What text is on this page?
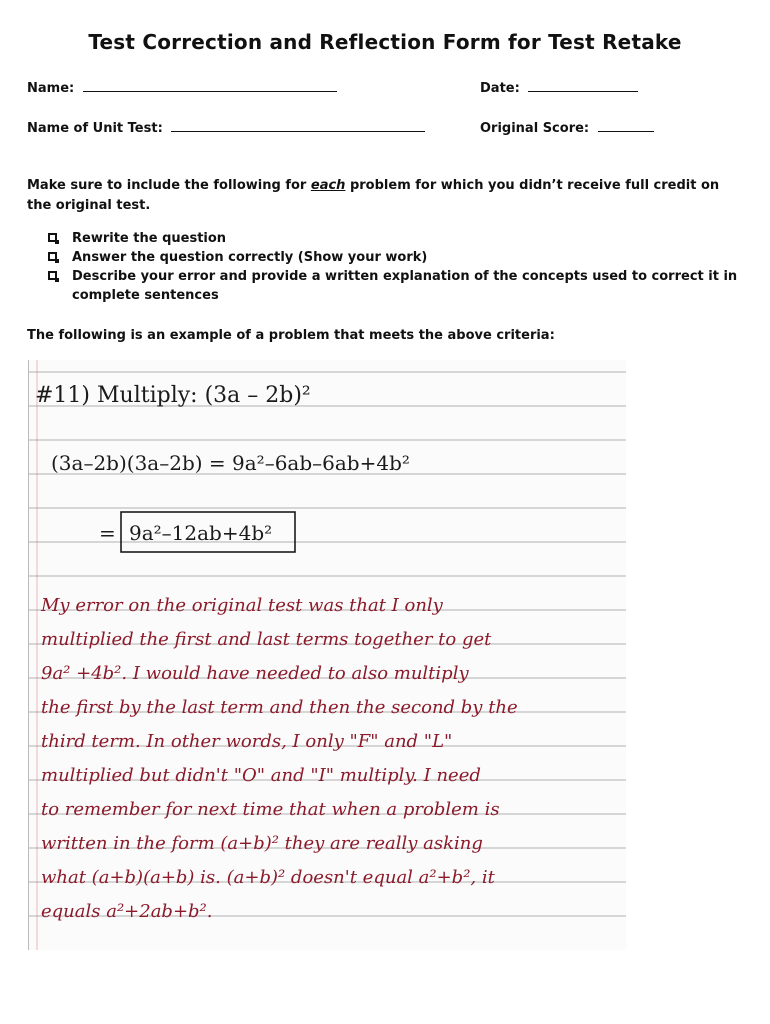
Test Correction and Reflection Form for Test Retake
Name:	Date:
Name of Unit Test:	Original Score:
Make sure to include the following for each problem for which you didn’t receive full credit on the original test.
Rewrite the question
Answer the question correctly (Show your work)
Describe your error and provide a written explanation of the concepts used to correct it in complete sentences
The following is an example of a problem that meets the above criteria:
#11) Multiply: (3a – 2b)²
(3a–2b)(3a–2b) = 9a²–6ab–6ab+4b²
= 9a²–12ab+4b²
My error on the original test was that I only
multiplied the first and last terms together to get
9a² +4b². I would have needed to also multiply
the first by the last term and then the second by the
third term. In other words, I only "F" and "L"
multiplied but didn't "O" and "I" multiply. I need
to remember for next time that when a problem is
written in the form (a+b)² they are really asking
what (a+b)(a+b) is. (a+b)² doesn't equal a²+b², it
equals a²+2ab+b².
